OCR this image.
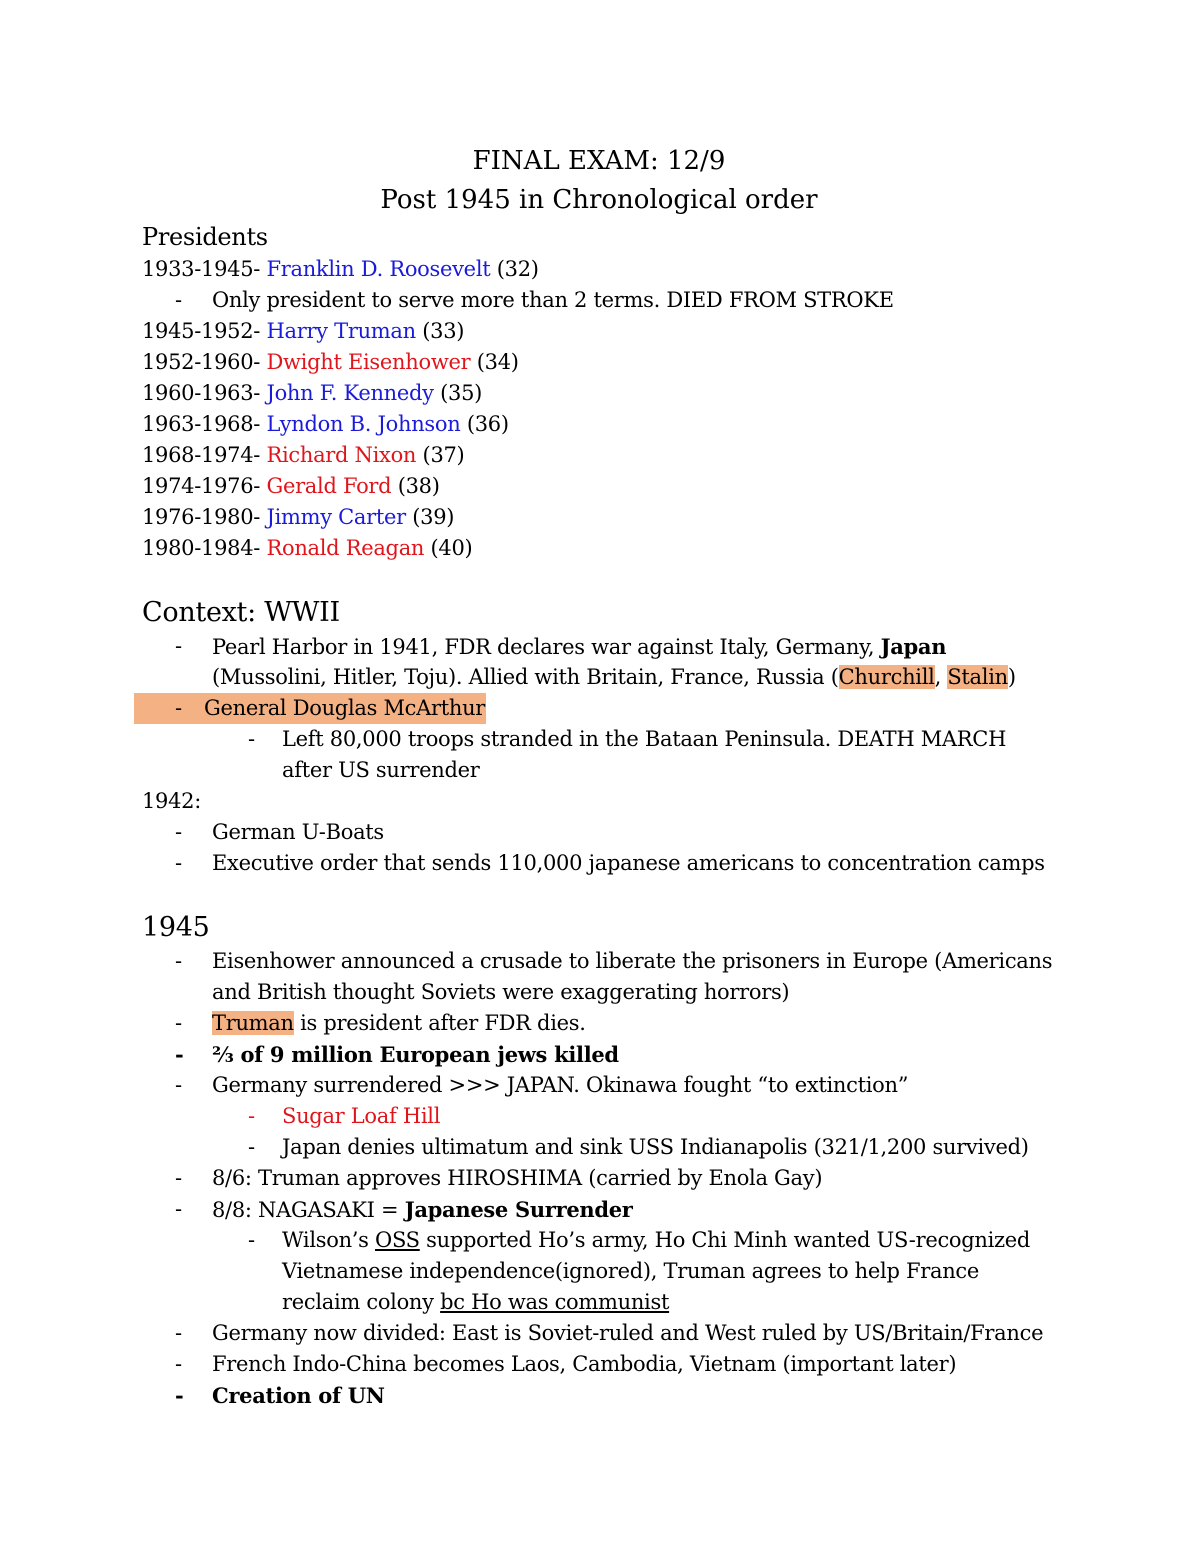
FINAL EXAM: 12/9
Post 1945 in Chronological order
Presidents
1933-1945- Franklin D. Roosevelt (32)
- Only president to serve more than 2 terms. DIED FROM STROKE
1945-1952- Harry Truman (33)
1952-1960- Dwight Eisenhower (34)
1960-1963- John F. Kennedy (35)
1963-1968- Lyndon B. Johnson (36)
1968-1974- Richard Nixon (37)
1974-1976- Gerald Ford (38)
1976-1980- Jimmy Carter (39)
1980-1984- Ronald Reagan (40)
Context: WWII
- Pearl Harbor in 1941, FDR declares war against Italy, Germany, Japan
(Mussolini, Hitler, Toju). Allied with Britain, France, Russia (Churchill, Stalin)
- General Douglas McArthur
- Left 80,000 troops stranded in the Bataan Peninsula. DEATH MARCH
after US surrender
1942:
- German U-Boats
- Executive order that sends 110,000 japanese americans to concentration camps
1945
- Eisenhower announced a crusade to liberate the prisoners in Europe (Americans
and British thought Soviets were exaggerating horrors)
- Truman is president after FDR dies.
- ⅔ of 9 million European jews killed
- Germany surrendered >>> JAPAN. Okinawa fought “to extinction”
- Sugar Loaf Hill
- Japan denies ultimatum and sink USS Indianapolis (321/1,200 survived)
- 8/6: Truman approves HIROSHIMA (carried by Enola Gay)
- 8/8: NAGASAKI = Japanese Surrender
- Wilson’s OSS supported Ho’s army, Ho Chi Minh wanted US-recognized
Vietnamese independence(ignored), Truman agrees to help France
reclaim colony bc Ho was communist
- Germany now divided: East is Soviet-ruled and West ruled by US/Britain/France
- French Indo-China becomes Laos, Cambodia, Vietnam (important later)
- Creation of UN
